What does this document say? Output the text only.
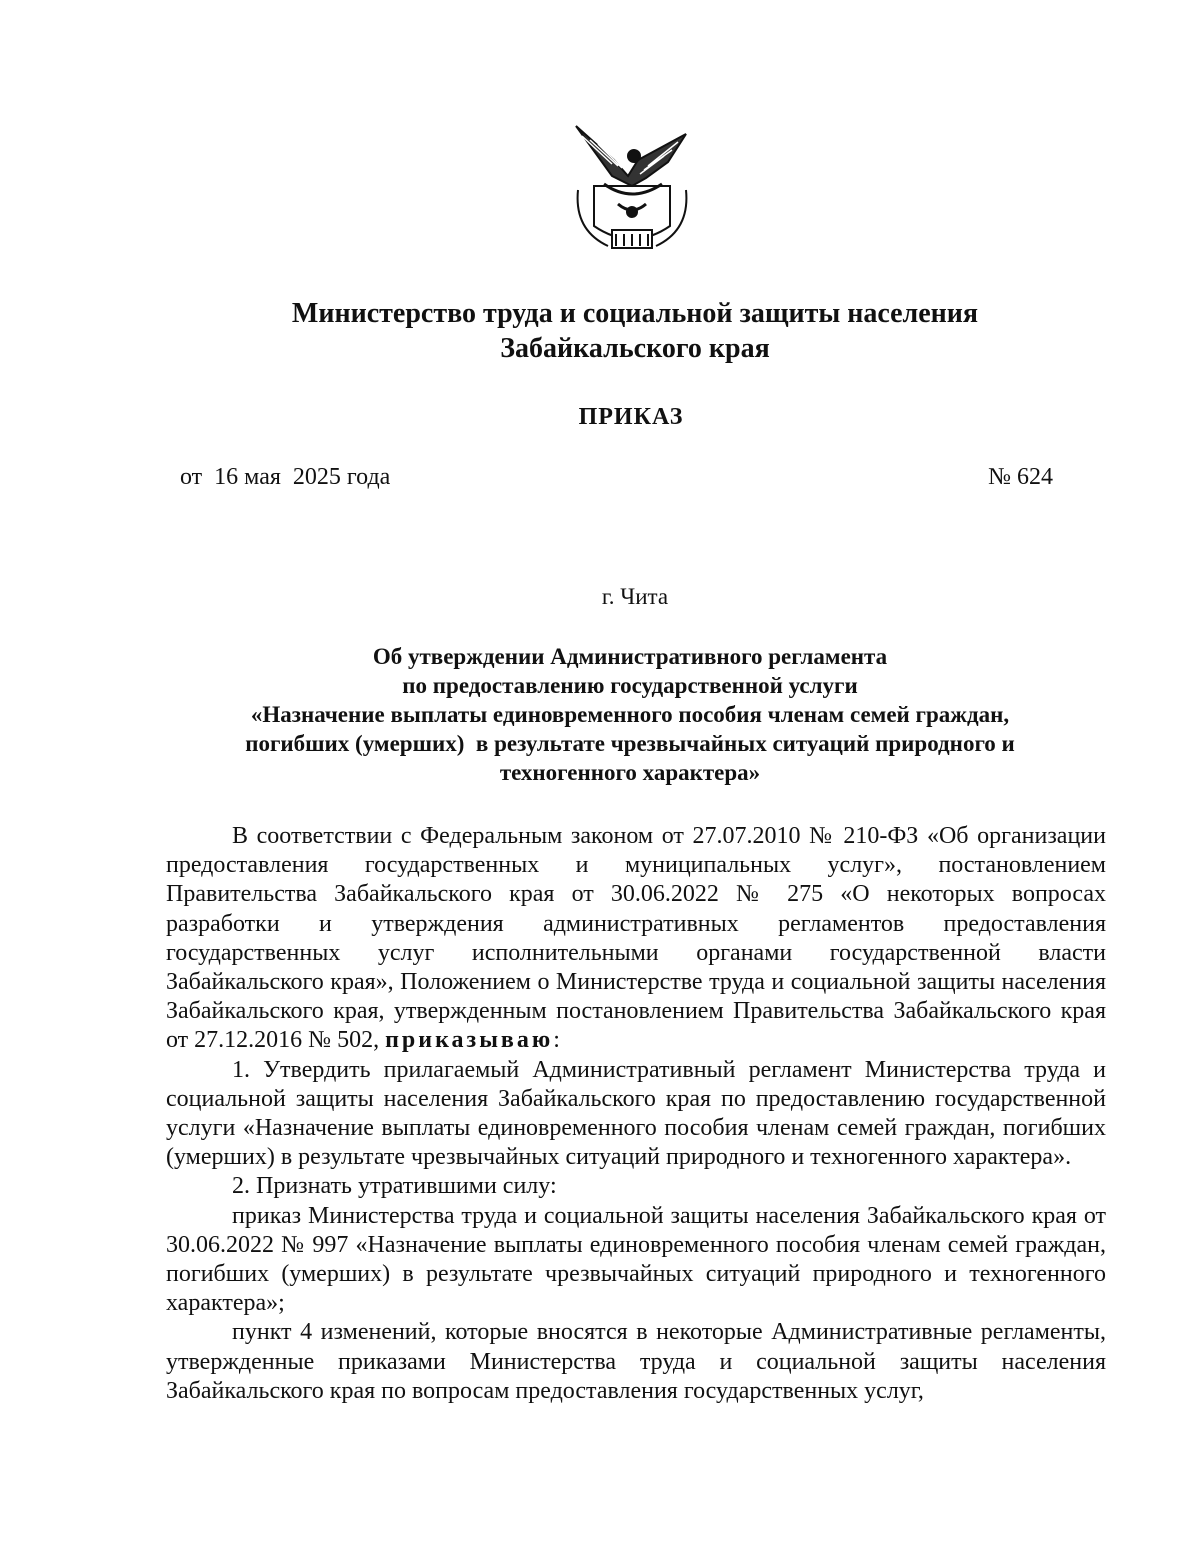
Министерство труда и социальной защиты населения
Забайкальского края
ПРИКАЗ
от  16 мая  2025 года	№ 624
г. Чита
Об утверждении Административного регламента
по предоставлению государственной услуги
«Назначение выплаты единовременного пособия членам семей граждан,
погибших (умерших)  в результате чрезвычайных ситуаций природного и
техногенного характера»

В соответствии с Федеральным законом от 27.07.2010 № 210-ФЗ «Об организации предоставления государственных и муниципальных услуг», постановлением Правительства Забайкальского края от 30.06.2022 № 275 «О некоторых вопросах разработки и утверждения административных регламентов предоставления государственных услуг исполнительными органами государственной власти Забайкальского края», Положением о Министерстве труда и социальной защиты населения Забайкальского края, утвержденным постановлением Правительства Забайкальского края от 27.12.2016 № 502, приказываю:

1. Утвердить прилагаемый Административный регламент Министерства труда и социальной защиты населения Забайкальского края по предоставлению государственной услуги «Назначение выплаты единовременного пособия членам семей граждан, погибших (умерших) в результате чрезвычайных ситуаций природного и техногенного характера».

2. Признать утратившими силу:

приказ Министерства труда и социальной защиты населения Забайкальского края от 30.06.2022 № 997 «Назначение выплаты единовременного пособия членам семей граждан, погибших (умерших) в результате чрезвычайных ситуаций природного и техногенного характера»;

пункт 4 изменений, которые вносятся в некоторые Административные регламенты, утвержденные приказами Министерства труда и социальной защиты населения Забайкальского края по вопросам предоставления государственных услуг,
